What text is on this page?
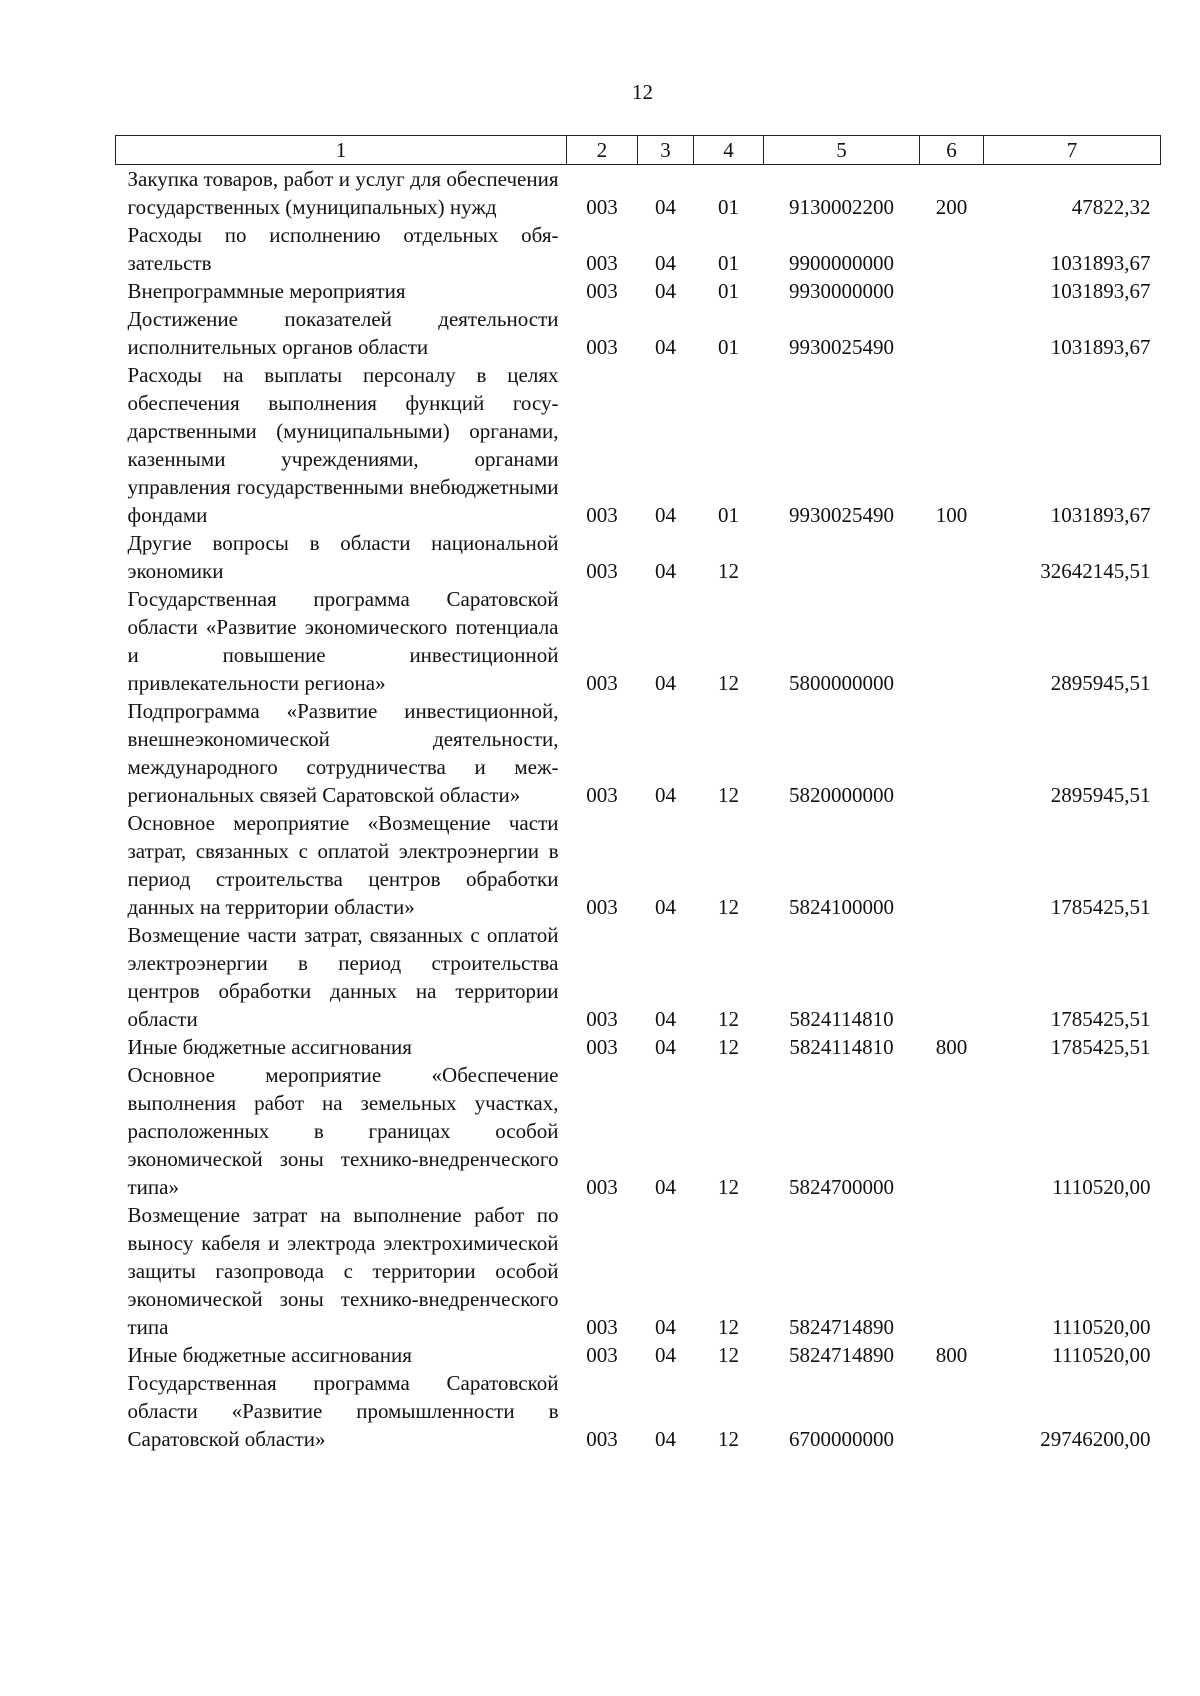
12
1	2	3	4	5	6	7
Закупка товаров, работ и услуг для обеспечения государственных (муниципальных) нужд	003	04	01	9130002200	200	47822,32
Расходы по исполнению отдельных обязательств	003	04	01	9900000000		1031893,67
Внепрограммные мероприятия	003	04	01	9930000000		1031893,67
Достижение показателей деятельности исполнительных органов области	003	04	01	9930025490		1031893,67
Расходы на выплаты персоналу в целях обеспечения выполнения функций государственными (муниципальными) органами, казенными учреждениями, органами управления государственными внебюджетными фондами	003	04	01	9930025490	100	1031893,67
Другие вопросы в области национальной экономики	003	04	12			32642145,51
Государственная программа Саратовской области «Развитие экономического потенциала и повышение инвестиционной привлекательности региона»	003	04	12	5800000000		2895945,51
Подпрограмма «Развитие инвестиционной, внешнеэкономической деятельности, международного сотрудничества и межрегиональных связей Саратовской области»	003	04	12	5820000000		2895945,51
Основное мероприятие «Возмещение части затрат, связанных с оплатой электроэнергии в период строительства центров обработки данных на территории области»	003	04	12	5824100000		1785425,51
Возмещение части затрат, связанных с оплатой электроэнергии в период строительства центров обработки данных на территории области	003	04	12	5824114810		1785425,51
Иные бюджетные ассигнования	003	04	12	5824114810	800	1785425,51
Основное мероприятие «Обеспечение выполнения работ на земельных участках, расположенных в границах особой экономической зоны технико-внедренческого типа»	003	04	12	5824700000		1110520,00
Возмещение затрат на выполнение работ по выносу кабеля и электрода электрохимической защиты газопровода с территории особой экономической зоны технико-внедренческого типа	003	04	12	5824714890		1110520,00
Иные бюджетные ассигнования	003	04	12	5824714890	800	1110520,00
Государственная программа Саратовской области «Развитие промышленности в Саратовской области»	003	04	12	6700000000		29746200,00
